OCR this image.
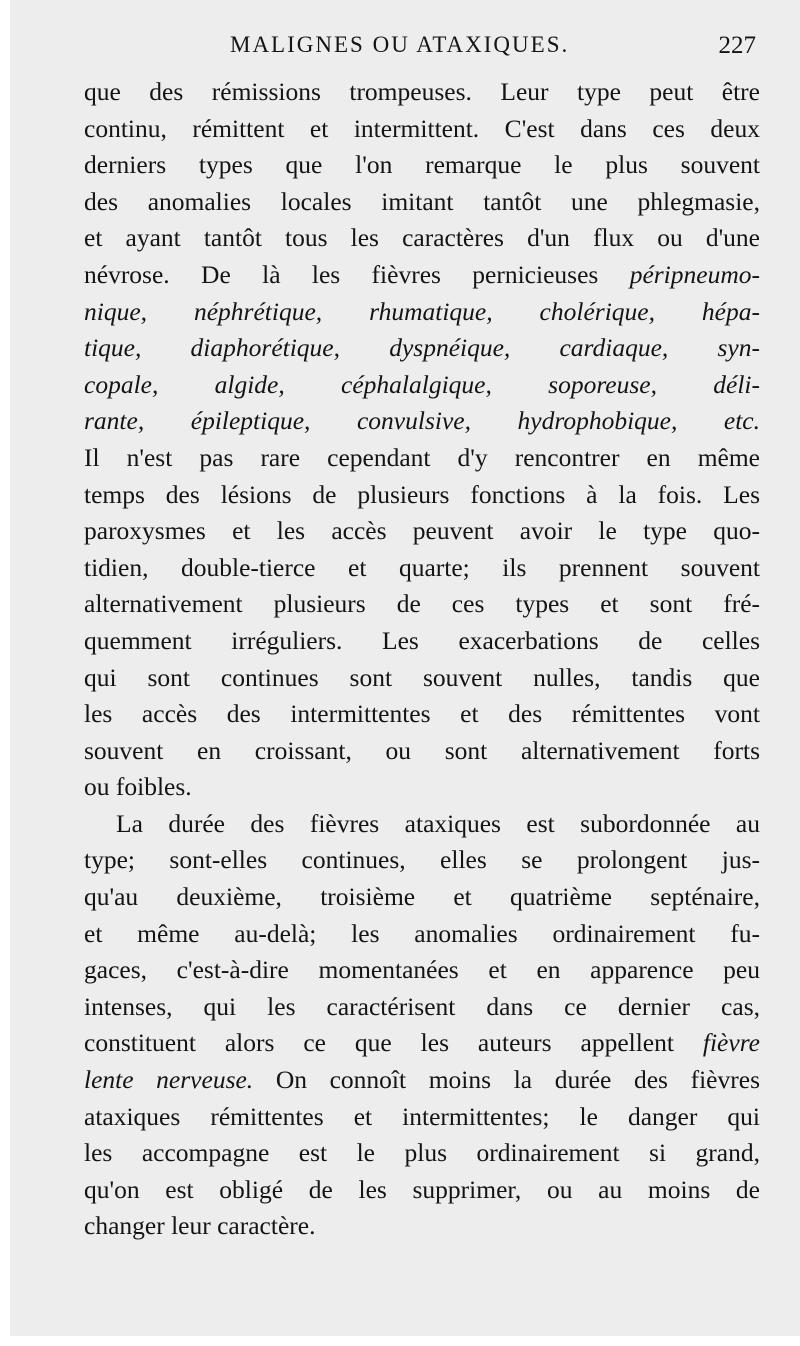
MALIGNES OU ATAXIQUES.	227
que des rémissions trompeuses. Leur type peut être
continu, rémittent et intermittent. C'est dans ces deux
derniers types que l'on remarque le plus souvent
des anomalies locales imitant tantôt une phlegmasie,
et ayant tantôt tous les caractères d'un flux ou d'une
névrose. De là les fièvres pernicieuses péripneumo-
nique, néphrétique, rhumatique, cholérique, hépa-
tique, diaphorétique, dyspnéique, cardiaque, syn-
copale, algide, céphalalgique, soporeuse, déli-
rante, épileptique, convulsive, hydrophobique, etc.
Il n'est pas rare cependant d'y rencontrer en même
temps des lésions de plusieurs fonctions à la fois. Les
paroxysmes et les accès peuvent avoir le type quo-
tidien, double-tierce et quarte; ils prennent souvent
alternativement plusieurs de ces types et sont fré-
quemment irréguliers. Les exacerbations de celles
qui sont continues sont souvent nulles, tandis que
les accès des intermittentes et des rémittentes vont
souvent en croissant, ou sont alternativement forts
ou foibles.
La durée des fièvres ataxiques est subordonnée au
type; sont-elles continues, elles se prolongent jus-
qu'au deuxième, troisième et quatrième septénaire,
et même au-delà; les anomalies ordinairement fu-
gaces, c'est-à-dire momentanées et en apparence peu
intenses, qui les caractérisent dans ce dernier cas,
constituent alors ce que les auteurs appellent fièvre
lente nerveuse. On connoît moins la durée des fièvres
ataxiques rémittentes et intermittentes; le danger qui
les accompagne est le plus ordinairement si grand,
qu'on est obligé de les supprimer, ou au moins de
changer leur caractère.
